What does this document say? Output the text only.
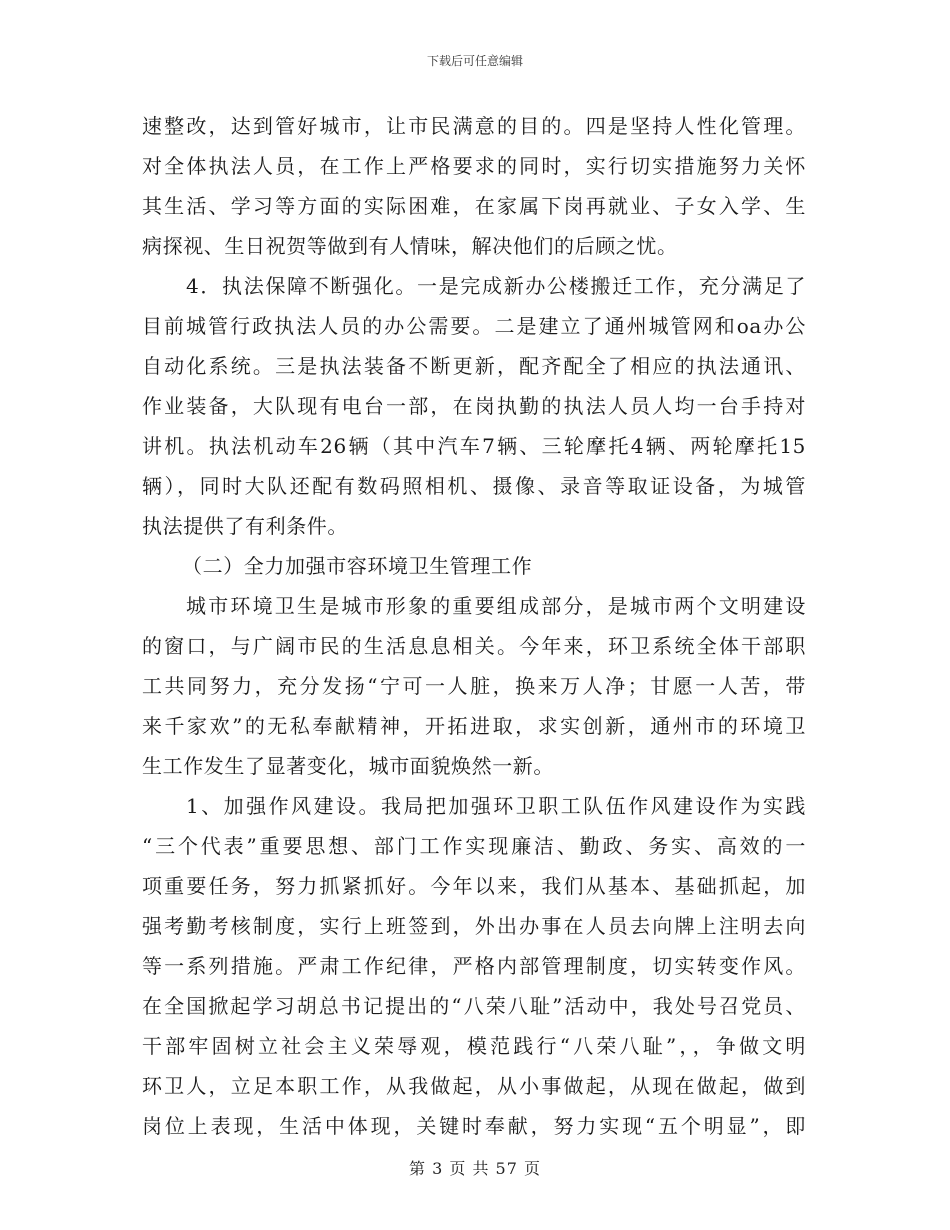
下载后可任意编辑
速整改，达到管好城市，让市民满意的目的。四是坚持人性化管理。
对全体执法人员，在工作上严格要求的同时，实行切实措施努力关怀
其生活、学习等方面的实际困难，在家属下岗再就业、子女入学、生
病探视、生日祝贺等做到有人情味，解决他们的后顾之忧。
4．执法保障不断强化。一是完成新办公楼搬迁工作，充分满足了
目前城管行政执法人员的办公需要。二是建立了通州城管网和oa办公
自动化系统。三是执法装备不断更新，配齐配全了相应的执法通讯、
作业装备，大队现有电台一部，在岗执勤的执法人员人均一台手持对
讲机。执法机动车26辆（其中汽车7辆、三轮摩托4辆、两轮摩托15
辆），同时大队还配有数码照相机、摄像、录音等取证设备，为城管
执法提供了有利条件。
（二）全力加强市容环境卫生管理工作
城市环境卫生是城市形象的重要组成部分，是城市两个文明建设
的窗口，与广阔市民的生活息息相关。今年来，环卫系统全体干部职
工共同努力，充分发扬“宁可一人脏，换来万人净；甘愿一人苦，带
来千家欢”的无私奉献精神，开拓进取，求实创新，通州市的环境卫
生工作发生了显著变化，城市面貌焕然一新。
1、加强作风建设。我局把加强环卫职工队伍作风建设作为实践
“三个代表”重要思想、部门工作实现廉洁、勤政、务实、高效的一
项重要任务，努力抓紧抓好。今年以来，我们从基本、基础抓起，加
强考勤考核制度，实行上班签到，外出办事在人员去向牌上注明去向
等一系列措施。严肃工作纪律，严格内部管理制度，切实转变作风。
在全国掀起学习胡总书记提出的“八荣八耻”活动中，我处号召党员、
干部牢固树立社会主义荣辱观，模范践行“八荣八耻”，，争做文明
环卫人，立足本职工作，从我做起，从小事做起，从现在做起，做到
岗位上表现，生活中体现，关键时奉献，努力实现“五个明显”，即
第 3 页 共 57 页
